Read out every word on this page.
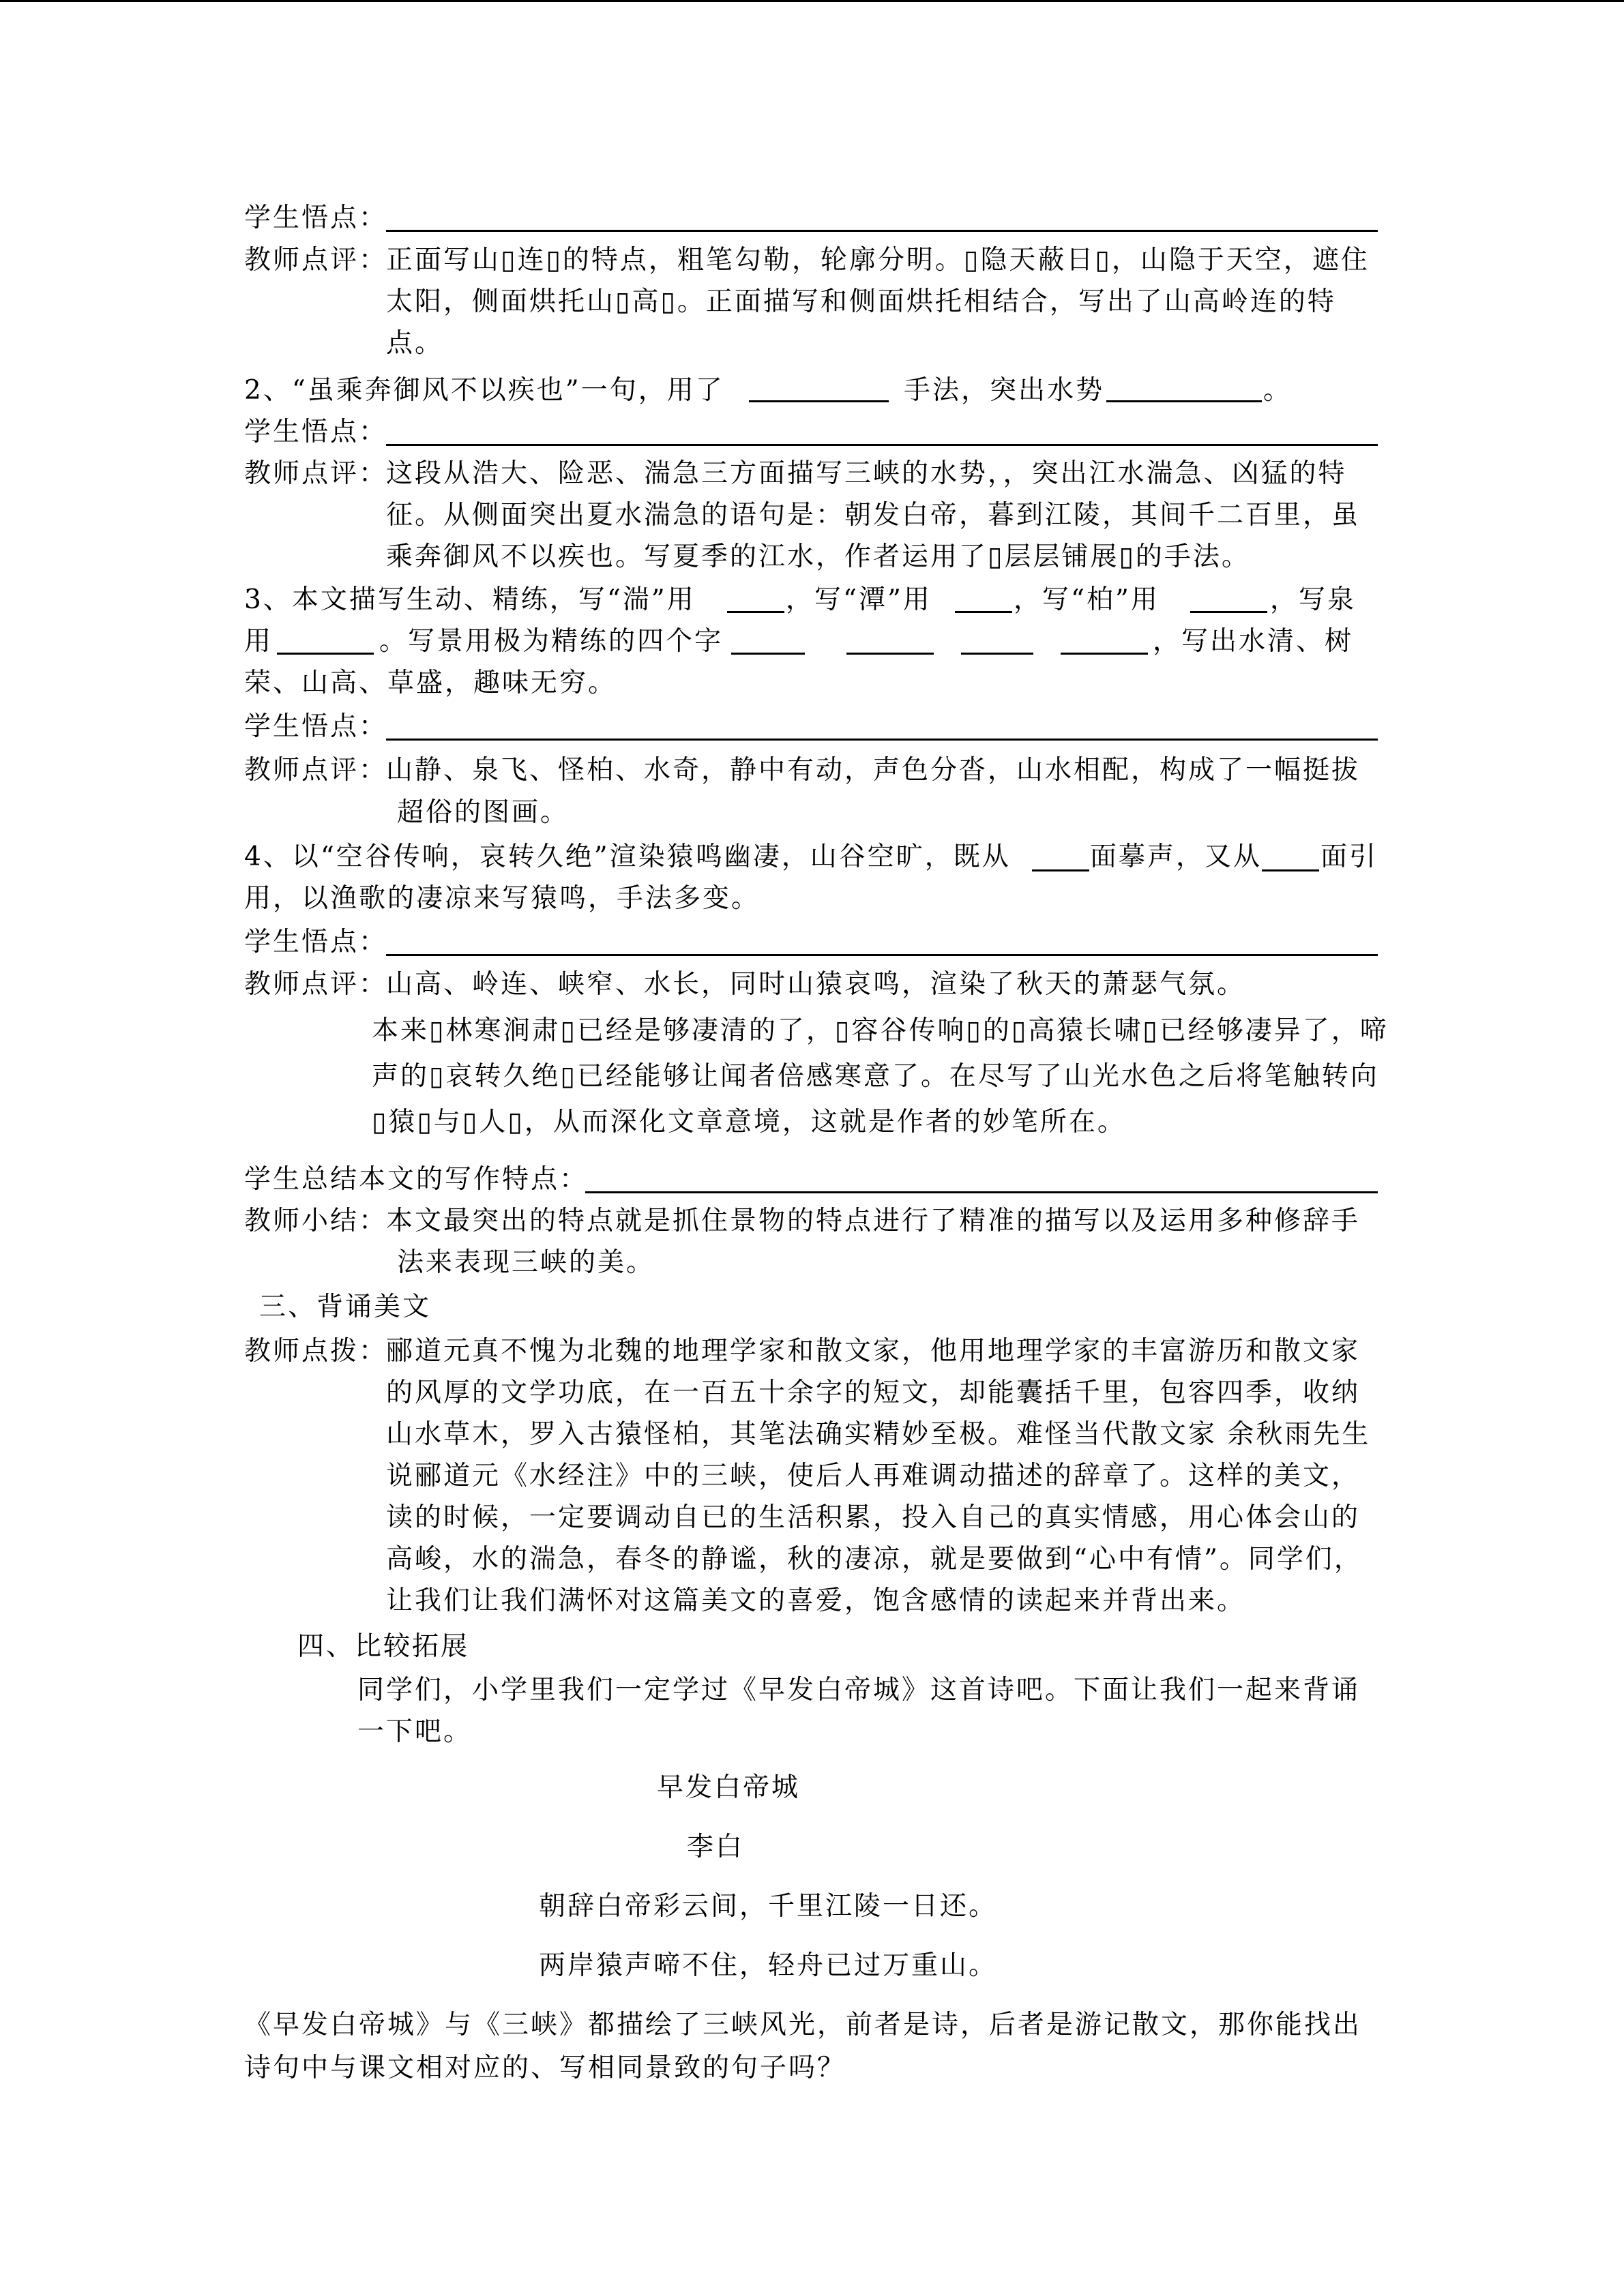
学生悟点：
教师点评：
正面写山▯连▯的特点，粗笔勾勒，轮廓分明。▯隐天蔽日▯，山隐于天空，遮住
太阳，侧面烘托山▯高▯。正面描写和侧面烘托相结合，写出了山高岭连的特
点。
2、“虽乘奔御风不以疾也”一句，用了	手法，突出水势	。
学生悟点：
教师点评：
这段从浩大、险恶、湍急三方面描写三峡的水势，，突出江水湍急、凶猛的特
征。从侧面突出夏水湍急的语句是：朝发白帝，暮到江陵，其间千二百里，虽
乘奔御风不以疾也。写夏季的江水，作者运用了▯层层铺展▯的手法。
3、本文描写生动、精练，写“湍”用	，写“潭”用	，写“柏”用	，写泉
用	。写景用极为精练的四个字	，写出水清、树
荣、山高、草盛，趣味无穷。
学生悟点：
教师点评：
山静、泉飞、怪柏、水奇，静中有动，声色分沓，山水相配，构成了一幅挺拔
超俗的图画。
4、以“空谷传响，哀转久绝”渲染猿鸣幽凄，山谷空旷，既从	面摹声，又从 面引
用，以渔歌的凄凉来写猿鸣，手法多变。
学生悟点：
教师点评：
山高、岭连、峡窄、水长，同时山猿哀鸣，渲染了秋天的萧瑟气氛。
本来▯林寒涧肃▯已经是够凄清的了，▯容谷传响▯的▯高猿长啸▯已经够凄异了，啼
声的▯哀转久绝▯已经能够让闻者倍感寒意了。在尽写了山光水色之后将笔触转向
▯猿▯与▯人▯，从而深化文章意境，这就是作者的妙笔所在。
学生总结本文的写作特点：
教师小结：
本文最突出的特点就是抓住景物的特点进行了精准的描写以及运用多种修辞手
法来表现三峡的美。
三、背诵美文
教师点拨：
郦道元真不愧为北魏的地理学家和散文家，他用地理学家的丰富游历和散文家
的风厚的文学功底，在一百五十余字的短文，却能囊括千里，包容四季，收纳
山水草木，罗入古猿怪柏，其笔法确实精妙至极。难怪当代散文家 余秋雨先生
说郦道元《水经注》中的三峡，使后人再难调动描述的辞章了。这样的美文，
读的时候，一定要调动自已的生活积累，投入自己的真实情感，用心体会山的
高峻，水的湍急，春冬的静谧，秋的凄凉，就是要做到“心中有情”。同学们，
让我们让我们满怀对这篇美文的喜爱，饱含感情的读起来并背出来。
四、比较拓展
同学们，小学里我们一定学过《早发白帝城》这首诗吧。下面让我们一起来背诵
一下吧。
早发白帝城
李白
朝辞白帝彩云间，千里江陵一日还。
两岸猿声啼不住，轻舟已过万重山。
《早发白帝城》与《三峡》都描绘了三峡风光，前者是诗，后者是游记散文，那你能找出
诗句中与课文相对应的、写相同景致的句子吗？
